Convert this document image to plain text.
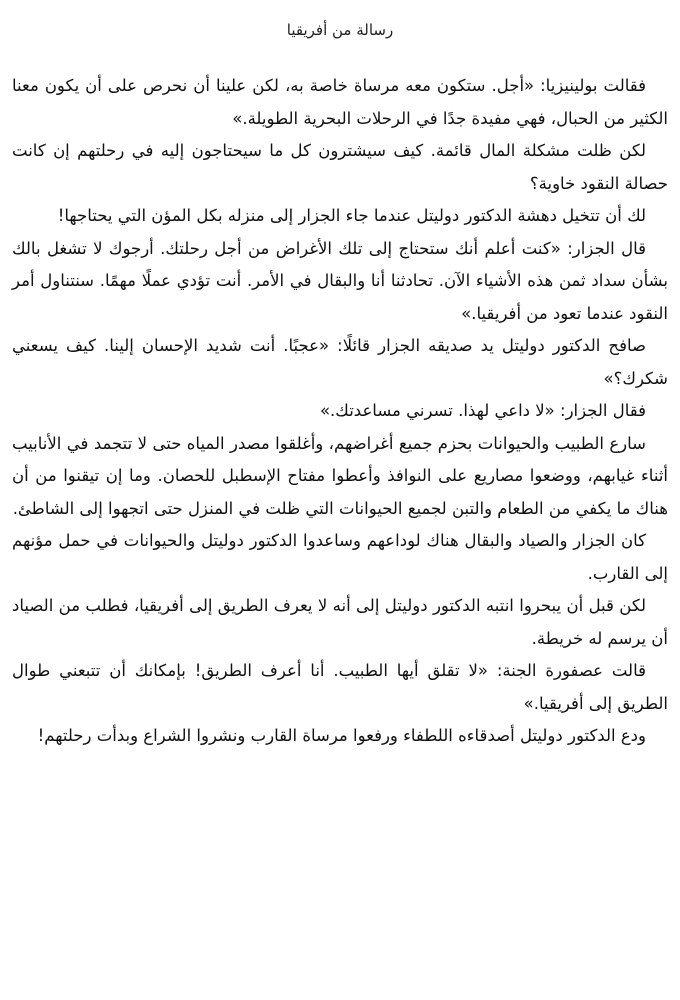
رسالة من أفريقيا

فقالت بولينيزيا: «أجل. ستكون معه مرساة خاصة به، لكن علينا أن نحرص على أن يكون معنا الكثير من الحبال، فهي مفيدة جدًا في الرحلات البحرية الطويلة.»

لكن ظلت مشكلة المال قائمة. كيف سيشترون كل ما سيحتاجون إليه في رحلتهم إن كانت حصالة النقود خاوية؟

لك أن تتخيل دهشة الدكتور دوليتل عندما جاء الجزار إلى منزله بكل المؤن التي يحتاجها!

قال الجزار: «كنت أعلم أنك ستحتاج إلى تلك الأغراض من أجل رحلتك. أرجوك لا تشغل بالك بشأن سداد ثمن هذه الأشياء الآن. تحادثنا أنا والبقال في الأمر. أنت تؤدي عملًا مهمًا. سنتناول أمر النقود عندما تعود من أفريقيا.»

صافح الدكتور دوليتل يد صديقه الجزار قائلًا: «عجبًا. أنت شديد الإحسان إلينا. كيف يسعني شكرك؟»

فقال الجزار: «لا داعي لهذا. تسرني مساعدتك.»

سارع الطبيب والحيوانات بحزم جميع أغراضهم، وأغلقوا مصدر المياه حتى لا تتجمد في الأنابيب أثناء غيابهم، ووضعوا مصاريع على النوافذ وأعطوا مفتاح الإسطبل للحصان. وما إن تيقنوا من أن هناك ما يكفي من الطعام والتبن لجميع الحيوانات التي ظلت في المنزل حتى اتجهوا إلى الشاطئ.

كان الجزار والصياد والبقال هناك لوداعهم وساعدوا الدكتور دوليتل والحيوانات في حمل مؤنهم إلى القارب.

لكن قبل أن يبحروا انتبه الدكتور دوليتل إلى أنه لا يعرف الطريق إلى أفريقيا، فطلب من الصياد أن يرسم له خريطة.

قالت عصفورة الجنة: «لا تقلق أيها الطبيب. أنا أعرف الطريق! بإمكانك أن تتبعني طوال الطريق إلى أفريقيا.»

ودع الدكتور دوليتل أصدقاءه اللطفاء ورفعوا مرساة القارب ونشروا الشراع وبدأت رحلتهم!
